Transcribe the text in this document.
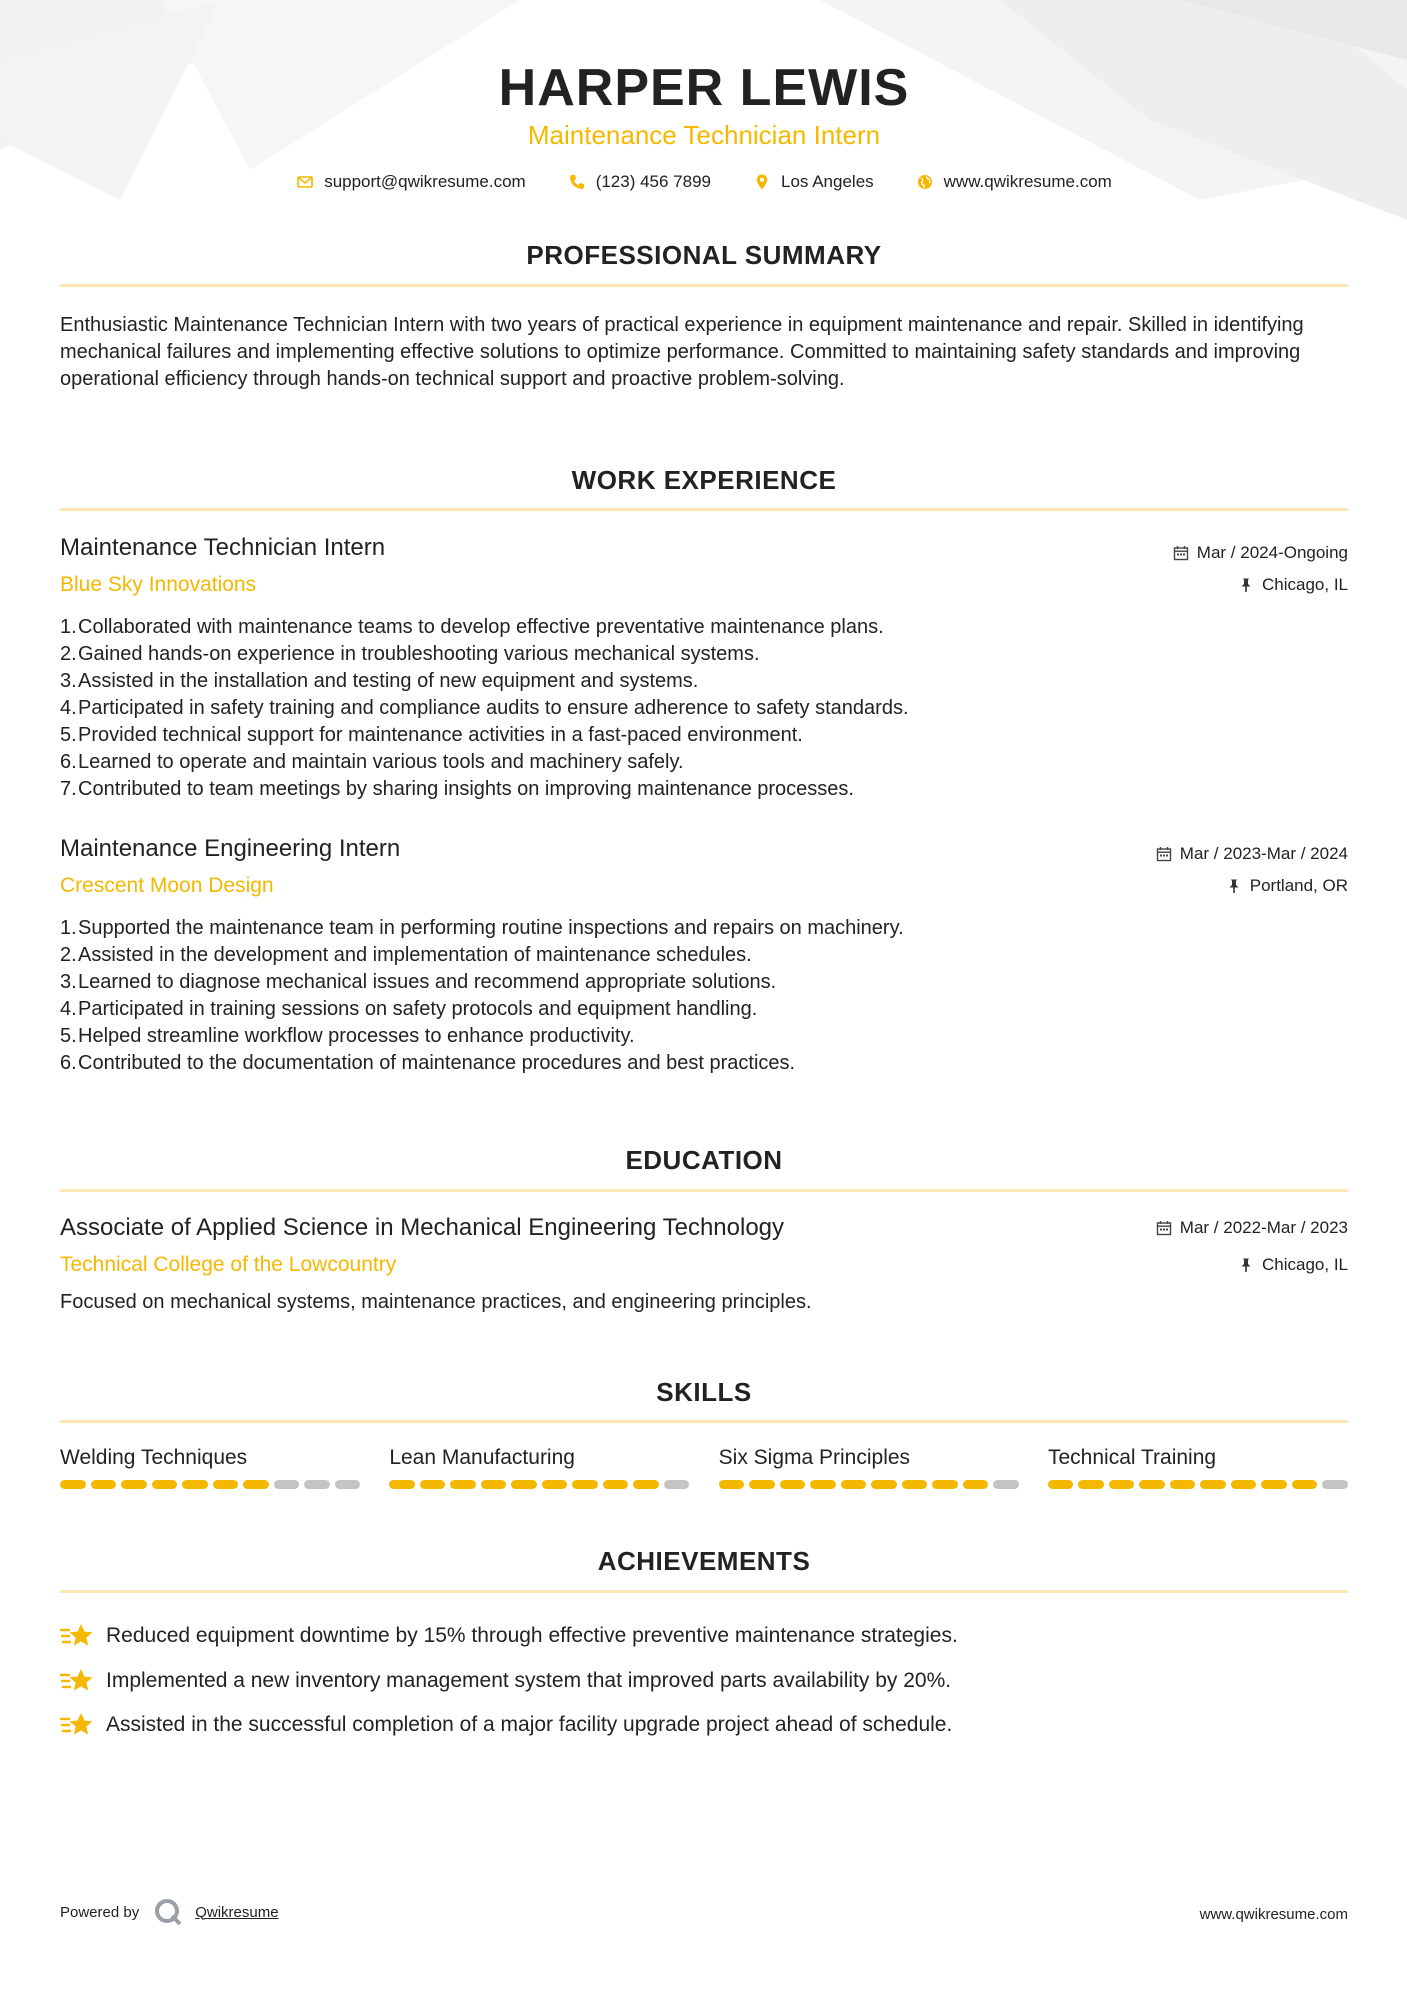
HARPER LEWIS
Maintenance Technician Intern
support@qwikresume.com	(123) 456 7899	Los Angeles	www.qwikresume.com
PROFESSIONAL SUMMARY
Enthusiastic Maintenance Technician Intern with two years of practical experience in equipment maintenance and repair. Skilled in identifying mechanical failures and implementing effective solutions to optimize performance. Committed to maintaining safety standards and improving operational efficiency through hands-on technical support and proactive problem-solving.
WORK EXPERIENCE
Maintenance Technician Intern
Blue Sky Innovations
Mar / 2024-Ongoing
Chicago, IL
1. Collaborated with maintenance teams to develop effective preventative maintenance plans.
2. Gained hands-on experience in troubleshooting various mechanical systems.
3. Assisted in the installation and testing of new equipment and systems.
4. Participated in safety training and compliance audits to ensure adherence to safety standards.
5. Provided technical support for maintenance activities in a fast-paced environment.
6. Learned to operate and maintain various tools and machinery safely.
7. Contributed to team meetings by sharing insights on improving maintenance processes.
Maintenance Engineering Intern
Crescent Moon Design
Mar / 2023-Mar / 2024
Portland, OR
1. Supported the maintenance team in performing routine inspections and repairs on machinery.
2. Assisted in the development and implementation of maintenance schedules.
3. Learned to diagnose mechanical issues and recommend appropriate solutions.
4. Participated in training sessions on safety protocols and equipment handling.
5. Helped streamline workflow processes to enhance productivity.
6. Contributed to the documentation of maintenance procedures and best practices.
EDUCATION
Associate of Applied Science in Mechanical Engineering Technology
Technical College of the Lowcountry
Mar / 2022-Mar / 2023
Chicago, IL
Focused on mechanical systems, maintenance practices, and engineering principles.
SKILLS
Welding Techniques	Lean Manufacturing	Six Sigma Principles	Technical Training
ACHIEVEMENTS
Reduced equipment downtime by 15% through effective preventive maintenance strategies.
Implemented a new inventory management system that improved parts availability by 20%.
Assisted in the successful completion of a major facility upgrade project ahead of schedule.
Powered by	Qwikresume	www.qwikresume.com
